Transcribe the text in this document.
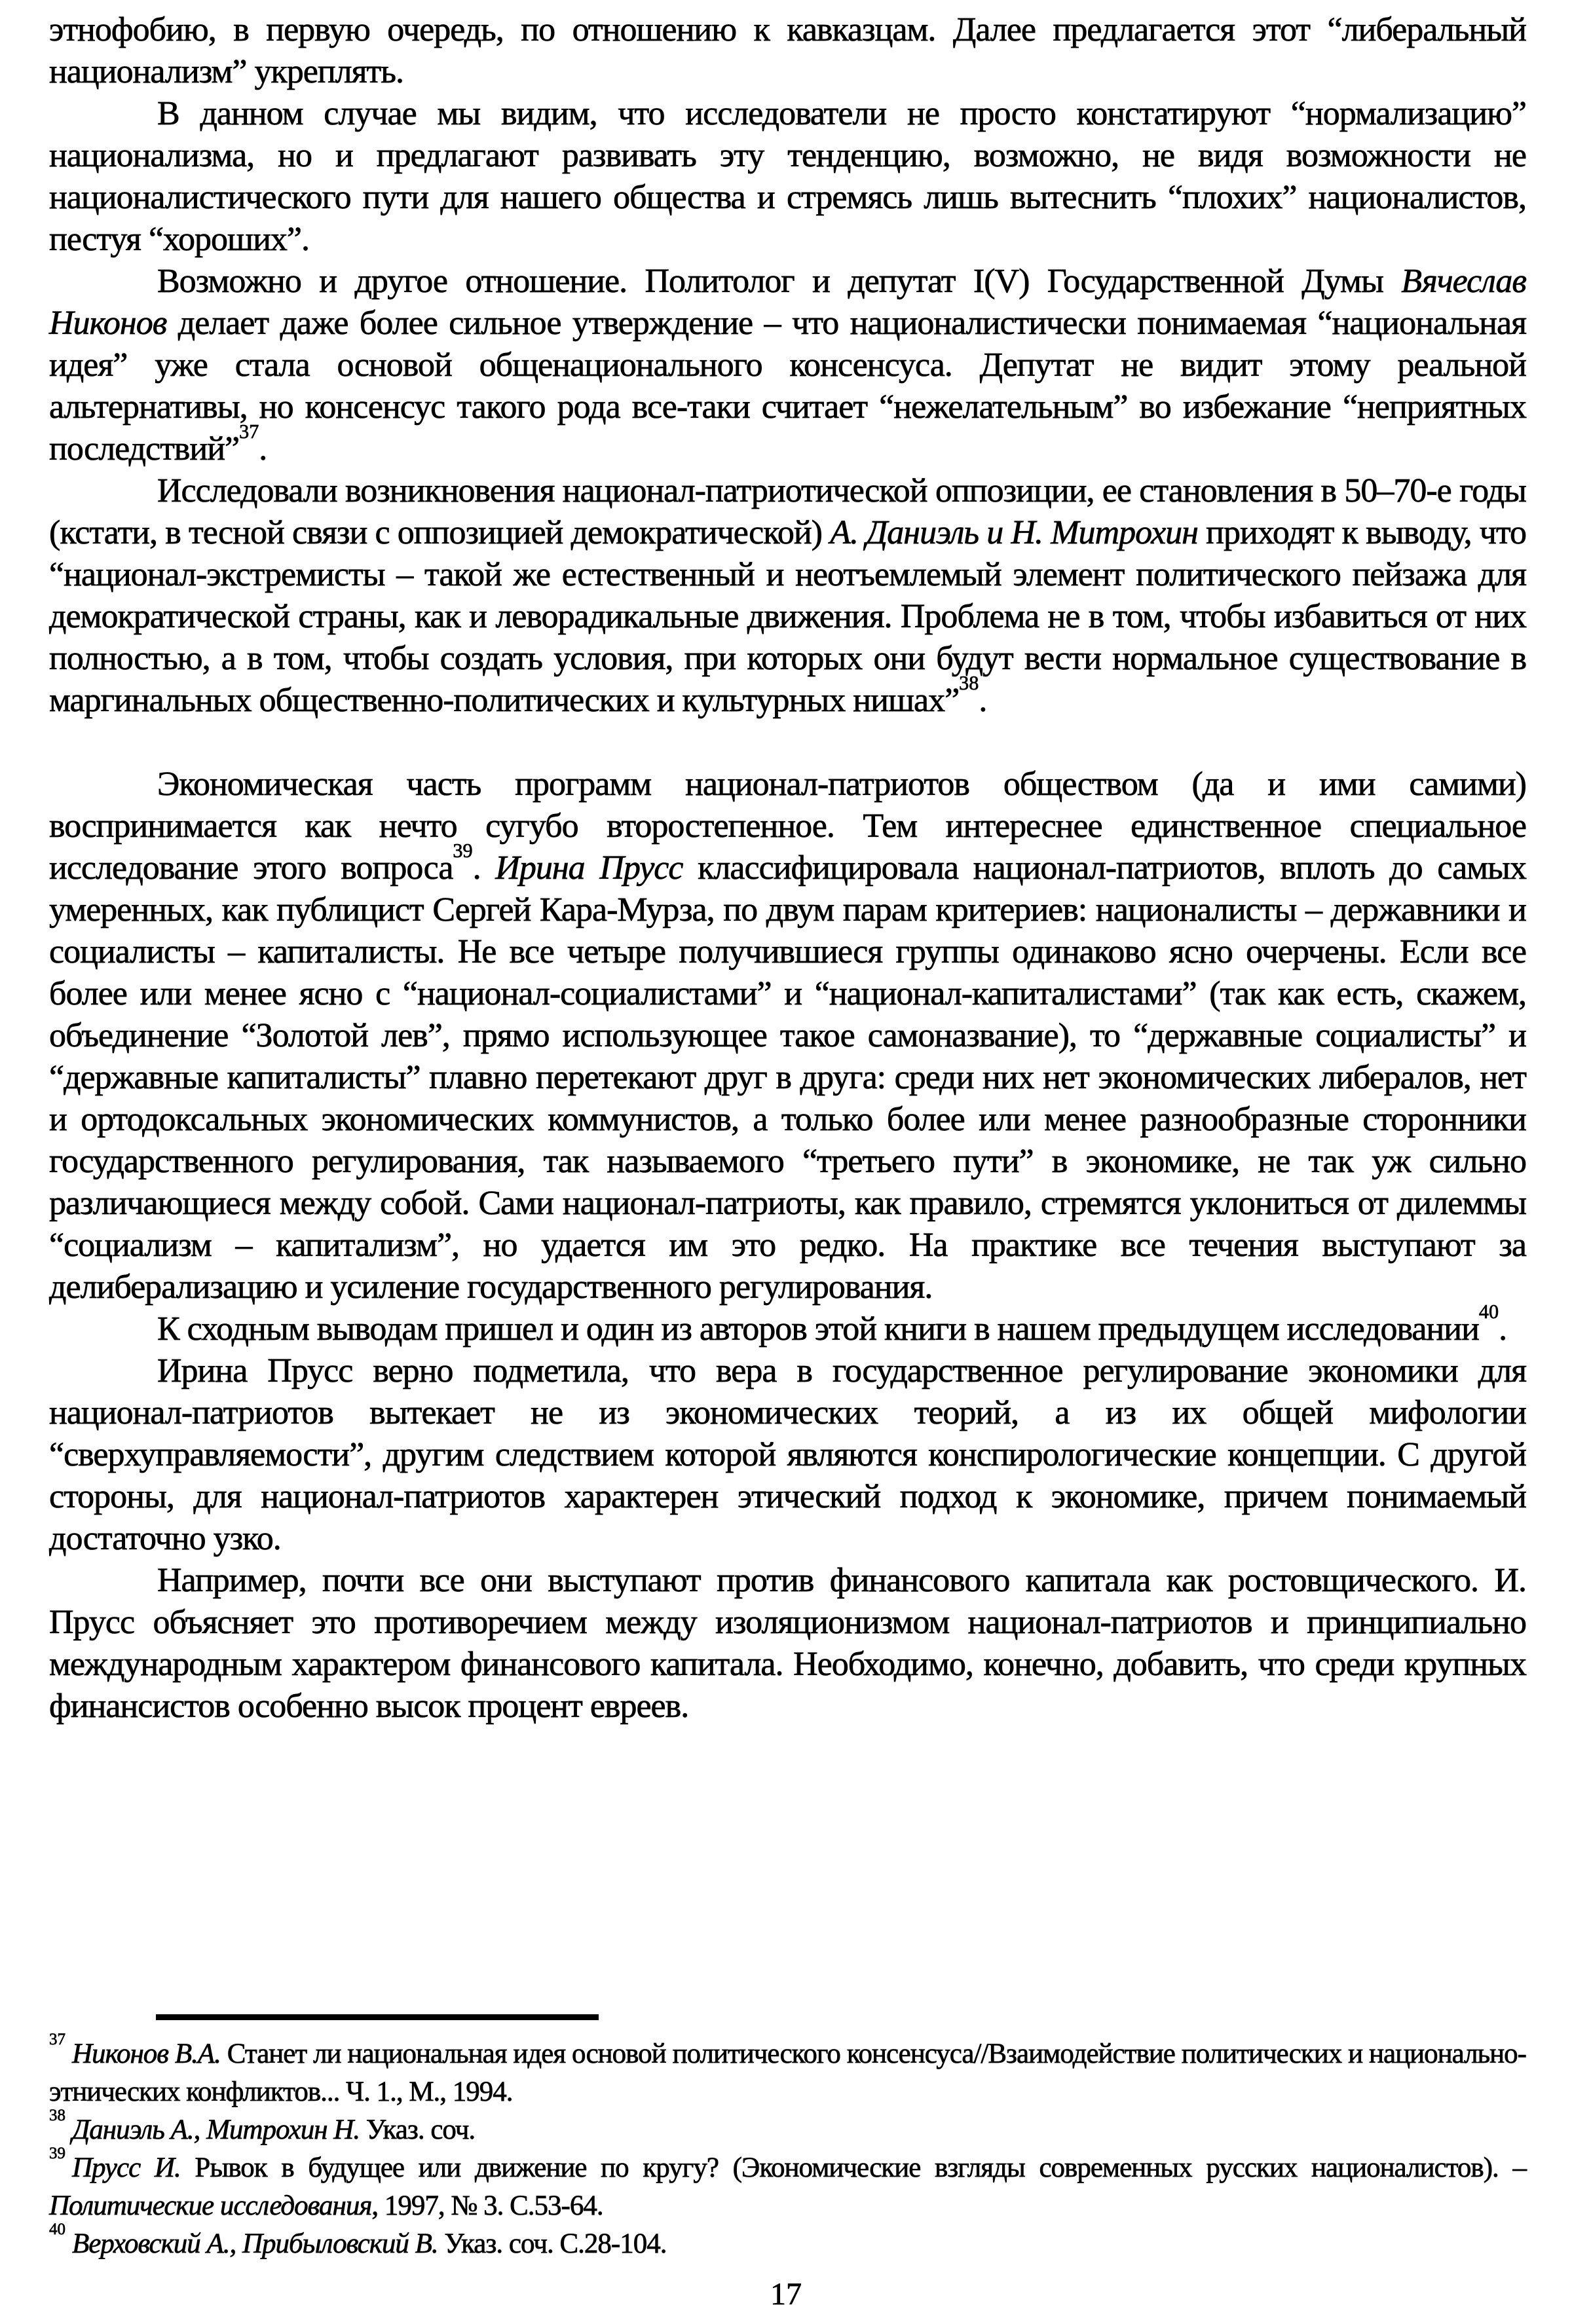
этнофобию, в первую очередь, по отношению к кавказцам. Далее предлагается этот “либеральный национализм” укреплять.

В данном случае мы видим, что исследователи не просто констатируют “нормализацию” национализма, но и предлагают развивать эту тенденцию, возможно, не видя возможности не националистического пути для нашего общества и стремясь лишь вытеснить “плохих” националистов, пестуя “хороших”.

Возможно и другое отношение. Политолог и депутат I(V) Государственной Думы Вячеслав Никонов делает даже более сильное утверждение – что националистически понимаемая “национальная идея” уже стала основой общенационального консенсуса. Депутат не видит этому реальной альтернативы, но консенсус такого рода все-таки считает “нежелательным” во избежание “неприятных последствий”$^{37}$.

Исследовали возникновения национал-патриотической оппозиции, ее становления в 50–70-е годы (кстати, в тесной связи с оппозицией демократической) А. Даниэль и Н. Митрохин приходят к выводу, что “национал-экстремисты – такой же естественный и неотъемлемый элемент политического пейзажа для демократической страны, как и леворадикальные движения. Проблема не в том, чтобы избавиться от них полностью, а в том, чтобы создать условия, при которых они будут вести нормальное существование в маргинальных общественно-политических и культурных нишах”$^{38}$.

Экономическая часть программ национал-патриотов обществом (да и ими самими) воспринимается как нечто сугубо второстепенное. Тем интереснее единственное специальное исследование этого вопроса$^{39}$. Ирина Прусс классифицировала национал-патриотов, вплоть до самых умеренных, как публицист Сергей Кара-Мурза, по двум парам критериев: националисты – державники и социалисты – капиталисты. Не все четыре получившиеся группы одинаково ясно очерчены. Если все более или менее ясно с “национал-социалистами” и “национал-капиталистами” (так как есть, скажем, объединение “Золотой лев”, прямо использующее такое самоназвание), то “державные социалисты” и “державные капиталисты” плавно перетекают друг в друга: среди них нет экономических либералов, нет и ортодоксальных экономических коммунистов, а только более или менее разнообразные сторонники государственного регулирования, так называемого “третьего пути” в экономике, не так уж сильно различающиеся между собой. Сами национал-патриоты, как правило, стремятся уклониться от дилеммы “социализм – капитализм”, но удается им это редко. На практике все течения выступают за делиберализацию и усиление государственного регулирования.

К сходным выводам пришел и один из авторов этой книги в нашем предыдущем исследовании$^{40}$.

Ирина Прусс верно подметила, что вера в государственное регулирование экономики для национал-патриотов вытекает не из экономических теорий, а из их общей мифологии “сверхуправляемости”, другим следствием которой являются конспирологические концепции. С другой стороны, для национал-патриотов характерен этический подход к экономике, причем понимаемый достаточно узко.

Например, почти все они выступают против финансового капитала как ростовщического. И. Прусс объясняет это противоречием между изоляционизмом национал-патриотов и принципиально международным характером финансового капитала. Необходимо, конечно, добавить, что среди крупных финансистов особенно высок процент евреев.

$^{37}$ Никонов В.А. Станет ли национальная идея основой политического консенсуса//Взаимодействие политических и национально-этнических конфликтов... Ч. 1., М., 1994.
$^{38}$ Даниэль А., Митрохин Н. Указ. соч.
$^{39}$ Прусс И. Рывок в будущее или движение по кругу? (Экономические взгляды современных русских националистов). – Политические исследования, 1997, № 3. С.53-64.
$^{40}$ Верховский А., Прибыловский В. Указ. соч. С.28-104.
17
